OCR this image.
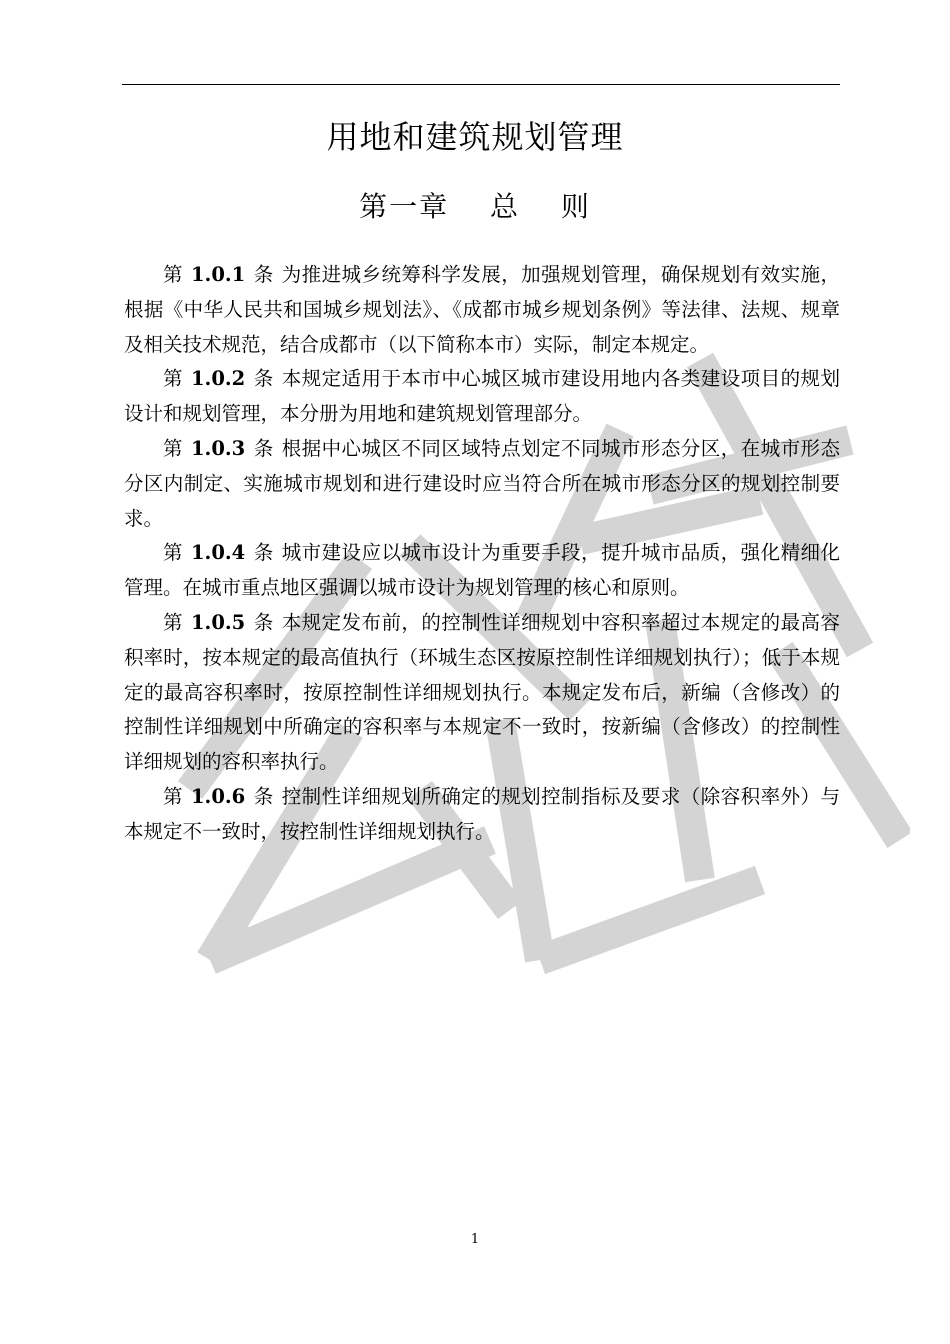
用地和建筑规划管理
第一章　 总　 则

第 1.0.1 条 为推进城乡统筹科学发展，加强规划管理，确保规划有效实施，根据《中华人民共和国城乡规划法》、《成都市城乡规划条例》等法律、法规、规章及相关技术规范，结合成都市（以下简称本市）实际，制定本规定。

第 1.0.2 条 本规定适用于本市中心城区城市建设用地内各类建设项目的规划设计和规划管理，本分册为用地和建筑规划管理部分。

第 1.0.3 条 根据中心城区不同区域特点划定不同城市形态分区，在城市形态分区内制定、实施城市规划和进行建设时应当符合所在城市形态分区的规划控制要求。

第 1.0.4 条 城市建设应以城市设计为重要手段，提升城市品质，强化精细化管理。在城市重点地区强调以城市设计为规划管理的核心和原则。

第 1.0.5 条 本规定发布前，的控制性详细规划中容积率超过本规定的最高容积率时，按本规定的最高值执行（环城生态区按原控制性详细规划执行）；低于本规定的最高容积率时，按原控制性详细规划执行。本规定发布后，新编（含修改）的控制性详细规划中所确定的容积率与本规定不一致时，按新编（含修改）的控制性详细规划的容积率执行。

第 1.0.6 条 控制性详细规划所确定的规划控制指标及要求（除容积率外）与本规定不一致时，按控制性详细规划执行。

1
